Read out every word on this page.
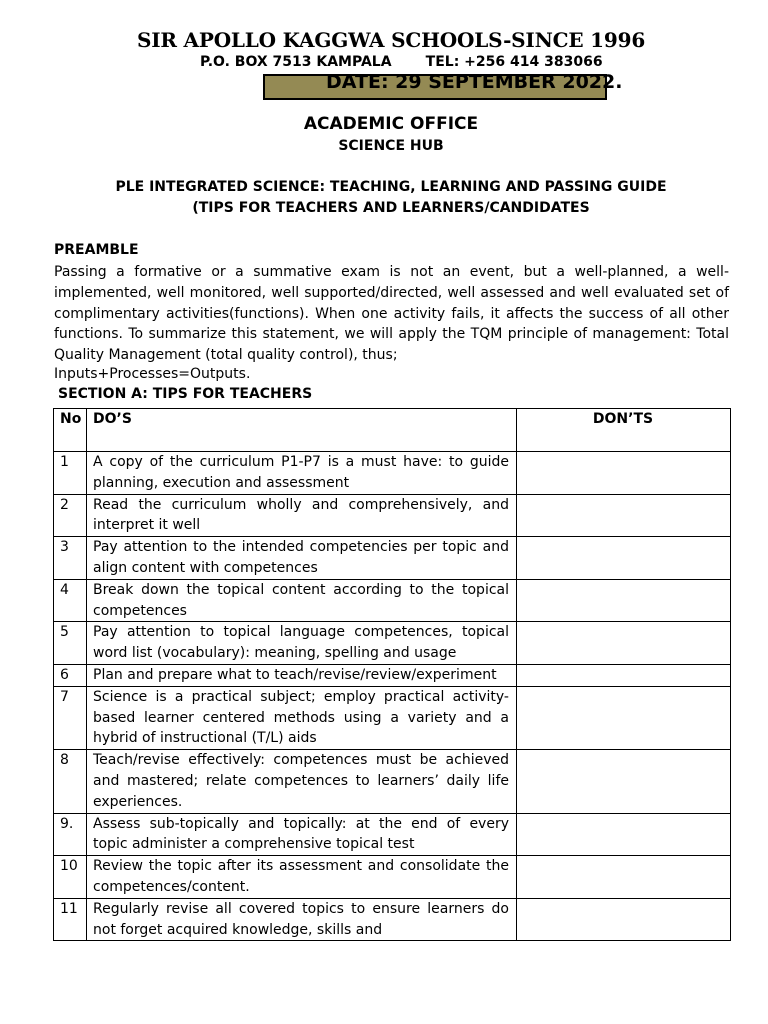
SIR APOLLO KAGGWA SCHOOLS-SINCE 1996
P.O. BOX 7513 KAMPALA       TEL: +256 414 383066
DATE: 29 SEPTEMBER 2022.
ACADEMIC OFFICE
SCIENCE HUB
PLE INTEGRATED SCIENCE: TEACHING, LEARNING AND PASSING GUIDE
(TIPS FOR TEACHERS AND LEARNERS/CANDIDATES
PREAMBLE
Passing a formative or a summative exam is not an event, but a well-planned, a well-implemented, well monitored, well supported/directed, well assessed and well evaluated set of complimentary activities(functions). When one activity fails, it affects the success of all other functions. To summarize this statement, we will apply the TQM principle of management: Total Quality Management (total quality control), thus;
Inputs+Processes=Outputs.
SECTION A: TIPS FOR TEACHERS
No	DO’S	DON’TS
1	A copy of the curriculum P1-P7 is a must have: to guide planning, execution and assessment	
2	Read the curriculum wholly and comprehensively, and interpret it well	
3	Pay attention to the intended competencies per topic and align content with competences	
4	Break down the topical content according to the topical competences	
5	Pay attention to topical language competences, topical word list (vocabulary): meaning, spelling and usage	
6	Plan and prepare what to teach/revise/review/experiment	
7	Science is a practical subject; employ practical activity-based learner centered methods using a variety and a hybrid of instructional (T/L) aids	
8	Teach/revise effectively: competences must be achieved and mastered; relate competences to learners’ daily life experiences.	
9.	Assess sub-topically and topically: at the end of every topic administer a comprehensive topical test	
10	Review the topic after its assessment and consolidate the competences/content.	
11	Regularly revise all covered topics to ensure learners do not forget acquired knowledge, skills and	
